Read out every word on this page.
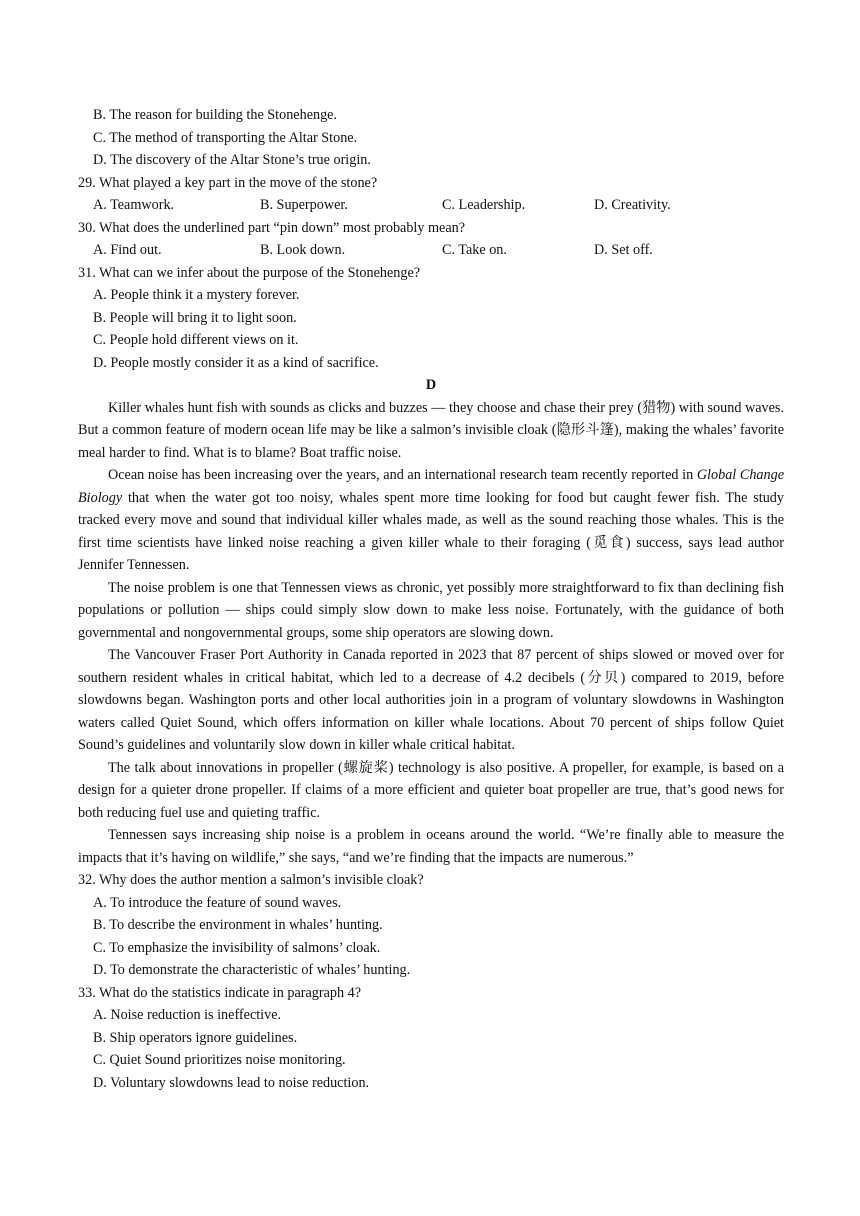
B. The reason for building the Stonehenge.
C. The method of transporting the Altar Stone.
D. The discovery of the Altar Stone’s true origin.
29. What played a key part in the move of the stone?
A. Teamwork.	B. Superpower.	C. Leadership.	D. Creativity.
30. What does the underlined part “pin down” most probably mean?
A. Find out.	B. Look down.	C. Take on.	D. Set off.
31. What can we infer about the purpose of the Stonehenge?
A. People think it a mystery forever.
B. People will bring it to light soon.
C. People hold different views on it.
D. People mostly consider it as a kind of sacrifice.
D
Killer whales hunt fish with sounds as clicks and buzzes — they choose and chase their prey (猎物) with sound waves. But a common feature of modern ocean life may be like a salmon’s invisible cloak (隐形斗篷), making the whales’ favorite meal harder to find. What is to blame? Boat traffic noise.
Ocean noise has been increasing over the years, and an international research team recently reported in Global Change Biology that when the water got too noisy, whales spent more time looking for food but caught fewer fish. The study tracked every move and sound that individual killer whales made, as well as the sound reaching those whales. This is the first time scientists have linked noise reaching a given killer whale to their foraging (觅食) success, says lead author Jennifer Tennessen.
The noise problem is one that Tennessen views as chronic, yet possibly more straightforward to fix than declining fish populations or pollution — ships could simply slow down to make less noise. Fortunately, with the guidance of both governmental and nongovernmental groups, some ship operators are slowing down.
The Vancouver Fraser Port Authority in Canada reported in 2023 that 87 percent of ships slowed or moved over for southern resident whales in critical habitat, which led to a decrease of 4.2 decibels (分贝) compared to 2019, before slowdowns began. Washington ports and other local authorities join in a program of voluntary slowdowns in Washington waters called Quiet Sound, which offers information on killer whale locations. About 70 percent of ships follow Quiet Sound’s guidelines and voluntarily slow down in killer whale critical habitat.
The talk about innovations in propeller (螺旋桨) technology is also positive. A propeller, for example, is based on a design for a quieter drone propeller. If claims of a more efficient and quieter boat propeller are true, that’s good news for both reducing fuel use and quieting traffic.
Tennessen says increasing ship noise is a problem in oceans around the world. “We’re finally able to measure the impacts that it’s having on wildlife,” she says, “and we’re finding that the impacts are numerous.”
32. Why does the author mention a salmon’s invisible cloak?
A. To introduce the feature of sound waves.
B. To describe the environment in whales’ hunting.
C. To emphasize the invisibility of salmons’ cloak.
D. To demonstrate the characteristic of whales’ hunting.
33. What do the statistics indicate in paragraph 4?
A. Noise reduction is ineffective.
B. Ship operators ignore guidelines.
C. Quiet Sound prioritizes noise monitoring.
D. Voluntary slowdowns lead to noise reduction.
